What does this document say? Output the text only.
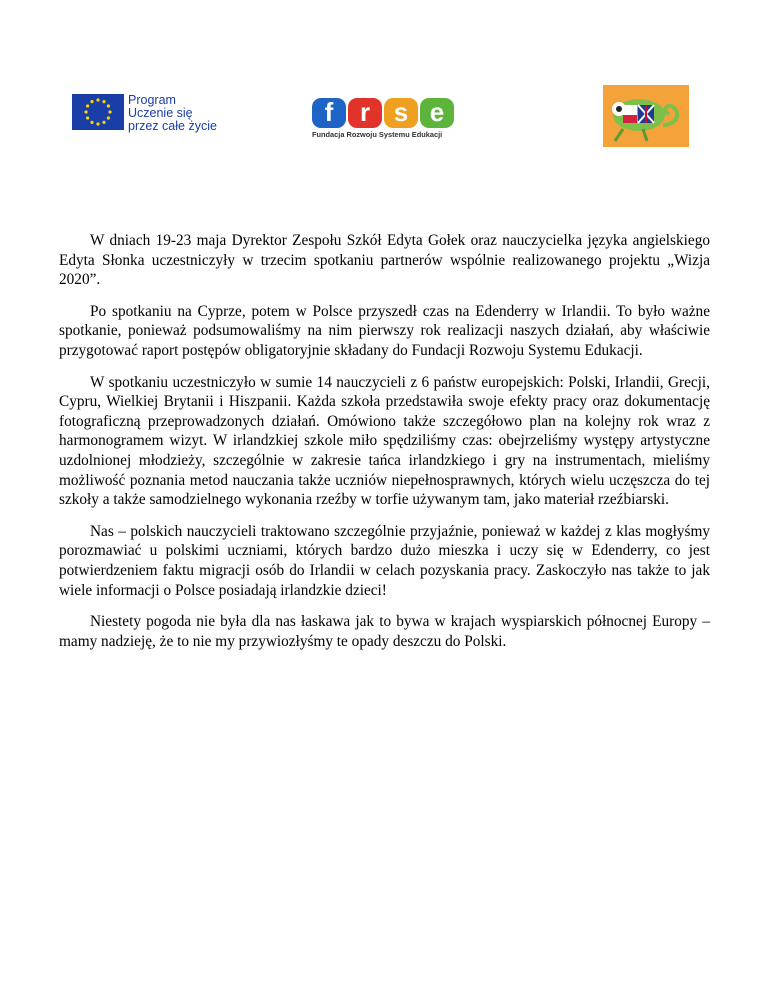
Program
Uczenie się
przez całe życie	f	r s e
Fundacja Rozwoju Systemu Edukacji

W dniach 19-23 maja Dyrektor Zespołu Szkół Edyta Gołek oraz nauczycielka języka angielskiego Edyta Słonka uczestniczyły w trzecim spotkaniu partnerów wspólnie realizowanego projektu „Wizja 2020”.

Po spotkaniu na Cyprze, potem w Polsce przyszedł czas na Edenderry w Irlandii. To było ważne spotkanie, ponieważ podsumowaliśmy na nim pierwszy rok realizacji naszych działań, aby właściwie przygotować raport postępów obligatoryjnie składany do Fundacji Rozwoju Systemu Edukacji.

W spotkaniu uczestniczyło w sumie 14 nauczycieli z 6 państw europejskich: Polski, Irlandii, Grecji, Cypru, Wielkiej Brytanii i Hiszpanii. Każda szkoła przedstawiła swoje efekty pracy oraz dokumentację fotograficzną przeprowadzonych działań. Omówiono także szczegółowo plan na kolejny rok wraz z harmonogramem wizyt. W irlandzkiej szkole miło spędziliśmy czas: obejrzeliśmy występy artystyczne uzdolnionej młodzieży, szczególnie w zakresie tańca irlandzkiego i gry na instrumentach, mieliśmy możliwość poznania metod nauczania także uczniów niepełnosprawnych, których wielu uczęszcza do tej szkoły a także samodzielnego wykonania rzeźby w torfie używanym tam, jako materiał rzeźbiarski.

Nas – polskich nauczycieli traktowano szczególnie przyjaźnie, ponieważ w każdej z klas mogłyśmy porozmawiać u polskimi uczniami, których bardzo dużo mieszka i uczy się w Edenderry, co jest potwierdzeniem faktu migracji osób do Irlandii w celach pozyskania pracy. Zaskoczyło nas także to jak wiele informacji o Polsce posiadają irlandzkie dzieci!

Niestety pogoda nie była dla nas łaskawa jak to bywa w krajach wyspiarskich północnej Europy – mamy nadzieję, że to nie my przywiozłyśmy te opady deszczu do Polski.
